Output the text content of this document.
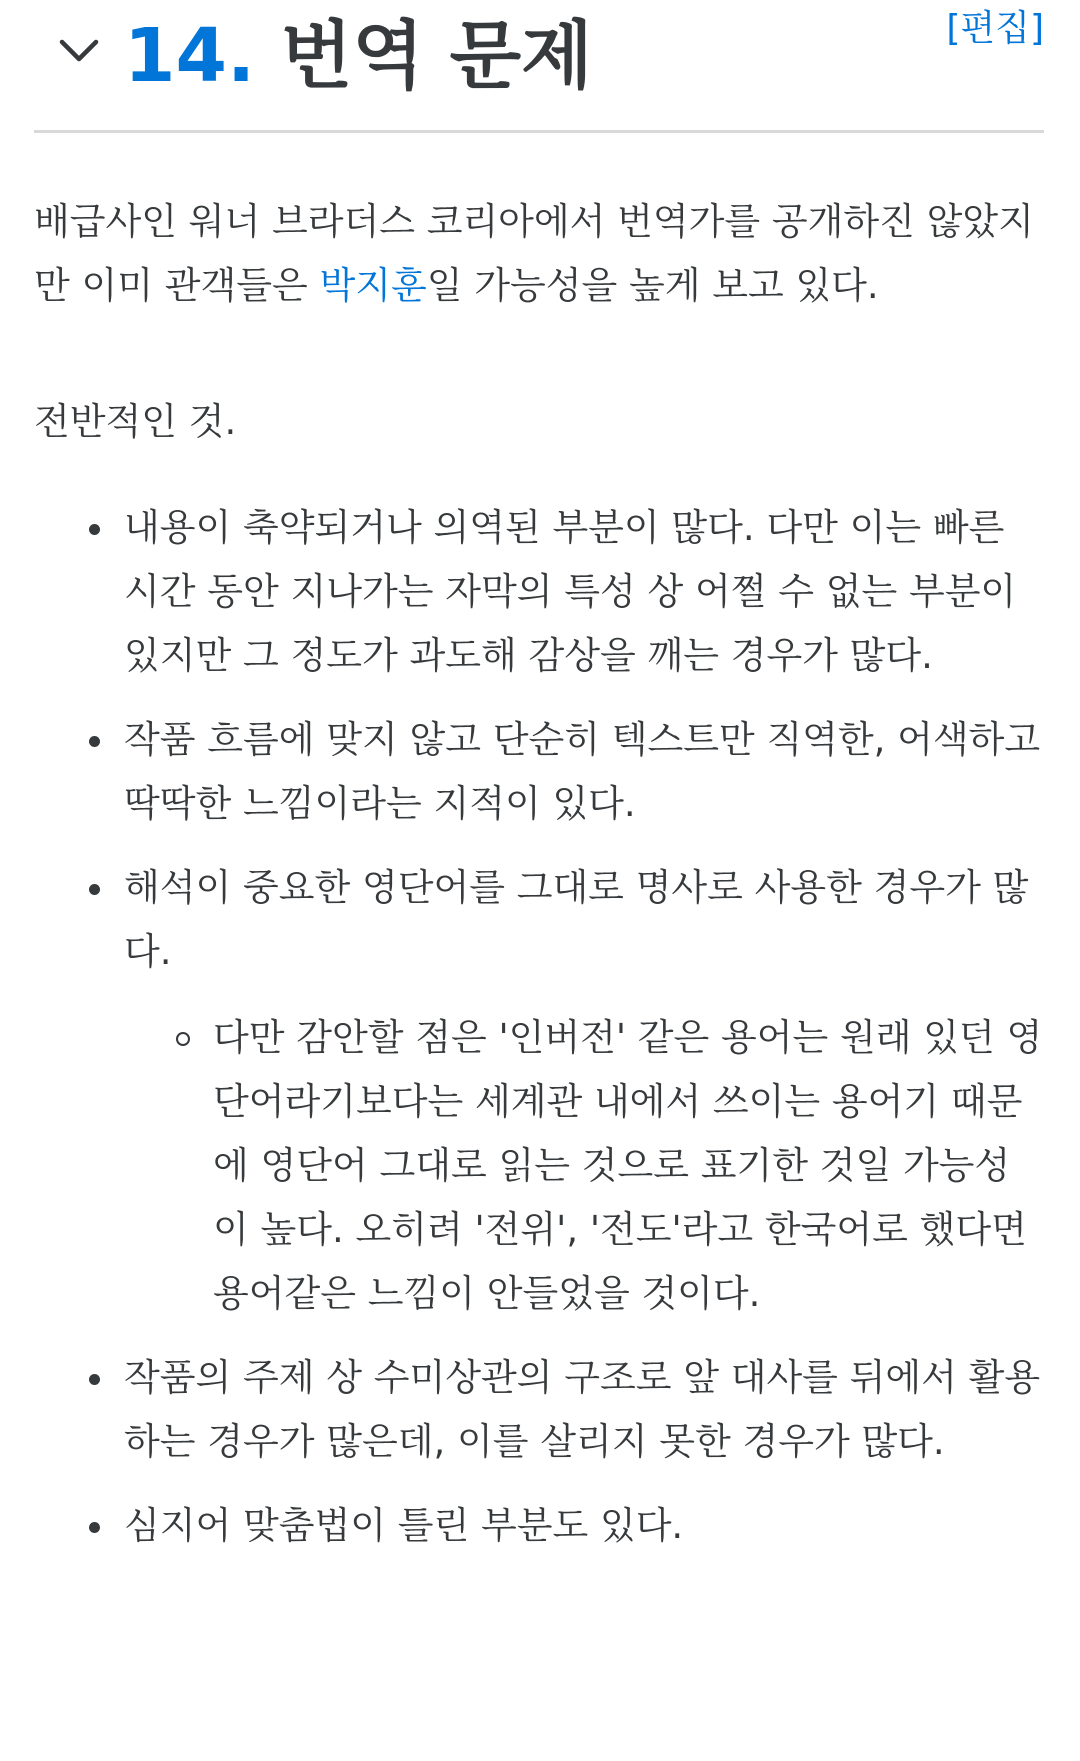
14. 번역 문제	[편집]

배급사인 워너 브라더스 코리아에서 번역가를 공개하진 않았지만 이미 관객들은 박지훈일 가능성을 높게 보고 있다.

전반적인 것.

내용이 축약되거나 의역된 부분이 많다. 다만 이는 빠른 시간 동안 지나가는 자막의 특성 상 어쩔 수 없는 부분이 있지만 그 정도가 과도해 감상을 깨는 경우가 많다.
작품 흐름에 맞지 않고 단순히 텍스트만 직역한, 어색하고 딱딱한 느낌이라는 지적이 있다.
해석이 중요한 영단어를 그대로 명사로 사용한 경우가 많다.
다만 감안할 점은 '인버전' 같은 용어는 원래 있던 영단어라기보다는 세계관 내에서 쓰이는 용어기 때문에 영단어 그대로 읽는 것으로 표기한 것일 가능성이 높다. 오히려 '전위', '전도'라고 한국어로 했다면 용어같은 느낌이 안들었을 것이다.
작품의 주제 상 수미상관의 구조로 앞 대사를 뒤에서 활용하는 경우가 많은데, 이를 살리지 못한 경우가 많다.
심지어 맞춤법이 틀린 부분도 있다.
